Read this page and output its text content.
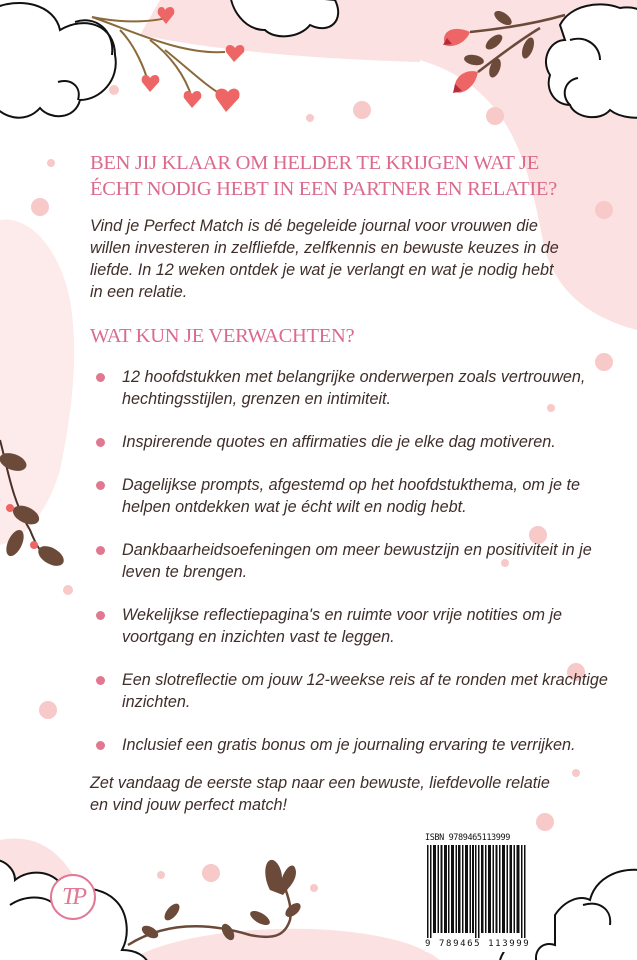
BEN JIJ KLAAR OM HELDER TE KRIJGEN WAT JE
ÉCHT NODIG HEBT IN EEN PARTNER EN RELATIE?

Vind je Perfect Match is dé begeleide journal voor vrouwen die willen investeren in zelfliefde, zelfkennis en bewuste keuzes in de liefde. In 12 weken ontdek je wat je verlangt en wat je nodig hebt in een relatie.

WAT KUN JE VERWACHTEN?
12 hoofdstukken met belangrijke onderwerpen zoals vertrouwen, hechtingsstijlen, grenzen en intimiteit.
Inspirerende quotes en affirmaties die je elke dag motiveren.
Dagelijkse prompts, afgestemd op het hoofdstukthema, om je te helpen ontdekken wat je écht wilt en nodig hebt.
Dankbaarheidsoefeningen om meer bewustzijn en positiviteit in je leven te brengen.
Wekelijkse reflectiepagina's en ruimte voor vrije notities om je voortgang en inzichten vast te leggen.
Een slotreflectie om jouw 12-weekse reis af te ronden met krachtige inzichten.
Inclusief een gratis bonus om je journaling ervaring te verrijken.

Zet vandaag de eerste stap naar een bewuste, liefdevolle relatie en vind jouw perfect match!

TP
ISBN 9789465113999
9 789465 113999
